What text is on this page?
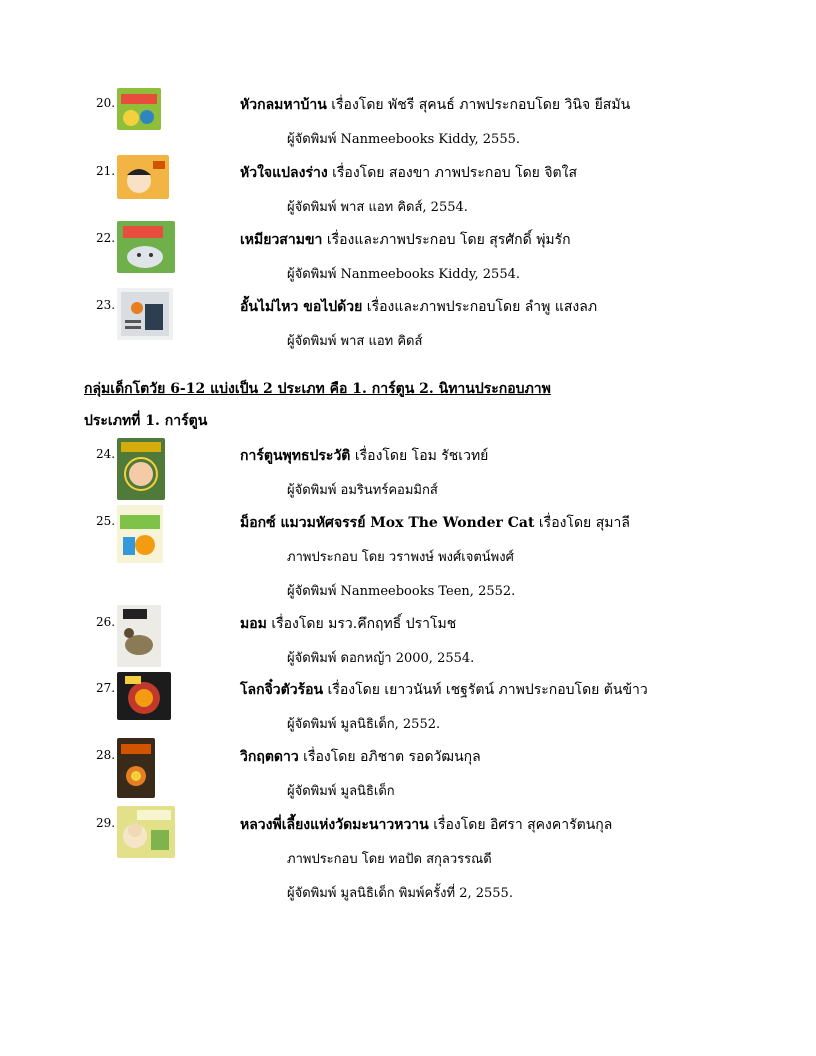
20.	หัวกลมหาบ้าน เรื่องโดย พัชรี สุคนธ์ ภาพประกอบโดย วินิจ ยีสมัน
ผู้จัดพิมพ์ Nanmeebooks Kiddy, 2555.
21.	หัวใจแปลงร่าง เรื่องโดย สองขา ภาพประกอบ โดย จิตใส
ผู้จัดพิมพ์ พาส แอท คิดส์, 2554.
22.	เหมียวสามขา เรื่องและภาพประกอบ โดย สุรศักดิ์ พุ่มรัก
ผู้จัดพิมพ์ Nanmeebooks Kiddy, 2554.
23.	อั้นไม่ไหว ขอไปด้วย เรื่องและภาพประกอบโดย ลำพู แสงลภ
ผู้จัดพิมพ์ พาส แอท คิดส์
กลุ่มเด็กโตวัย 6-12 แบ่งเป็น 2 ประเภท คือ 1. การ์ตูน 2. นิทานประกอบภาพ
ประเภทที่ 1. การ์ตูน
24.	การ์ตูนพุทธประวัติ เรื่องโดย โอม รัชเวทย์
ผู้จัดพิมพ์ อมรินทร์คอมมิกส์
25.	ม็อกซ์ แมวมหัศจรรย์ Mox The Wonder Cat เรื่องโดย สุมาลี
ภาพประกอบ โดย วราพงษ์ พงศ์เจตน์พงศ์
ผู้จัดพิมพ์ Nanmeebooks Teen, 2552.
26.	มอม เรื่องโดย มรว.คึกฤทธิ์ ปราโมช
ผู้จัดพิมพ์ ดอกหญ้า 2000, 2554.
27.	โลกจิ๋วตัวร้อน เรื่องโดย เยาวนันท์ เชฐรัตน์ ภาพประกอบโดย ต้นข้าว
ผู้จัดพิมพ์ มูลนิธิเด็ก, 2552.
28.	วิกฤตดาว เรื่องโดย อภิชาต รอดวัฒนกุล
ผู้จัดพิมพ์ มูลนิธิเด็ก
29.	หลวงพี่เลี้ยงแห่งวัดมะนาวหวาน เรื่องโดย อิศรา สุคงคารัตนกุล
ภาพประกอบ โดย ทอปัด สกุลวรรณดี
ผู้จัดพิมพ์ มูลนิธิเด็ก พิมพ์ครั้งที่ 2, 2555.
